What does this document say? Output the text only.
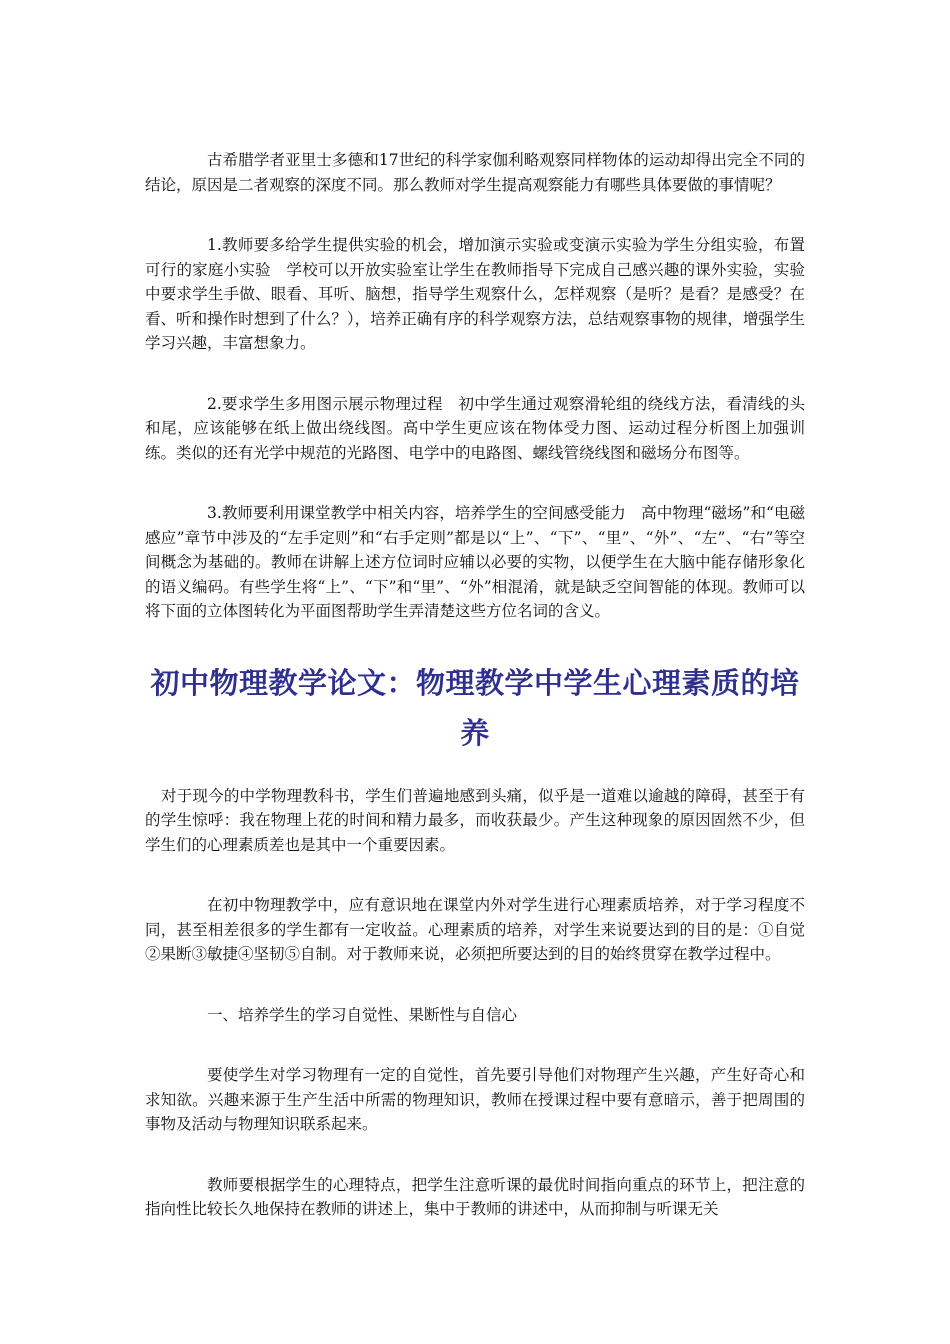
古希腊学者亚里士多德和17世纪的科学家伽利略观察同样物体的运动却得出完全不同的结论，原因是二者观察的深度不同。那么教师对学生提高观察能力有哪些具体要做的事情呢？

1.教师要多给学生提供实验的机会，增加演示实验或变演示实验为学生分组实验，布置可行的家庭小实验　学校可以开放实验室让学生在教师指导下完成自己感兴趣的课外实验，实验中要求学生手做、眼看、耳听、脑想，指导学生观察什么，怎样观察（是听？是看？是感受？在看、听和操作时想到了什么？），培养正确有序的科学观察方法，总结观察事物的规律，增强学生学习兴趣，丰富想象力。

2.要求学生多用图示展示物理过程　初中学生通过观察滑轮组的绕线方法，看清线的头和尾，应该能够在纸上做出绕线图。高中学生更应该在物体受力图、运动过程分析图上加强训练。类似的还有光学中规范的光路图、电学中的电路图、螺线管绕线图和磁场分布图等。

3.教师要利用课堂教学中相关内容，培养学生的空间感受能力　高中物理“磁场”和“电磁感应”章节中涉及的“左手定则”和“右手定则”都是以“上”、“下”、“里”、“外”、“左”、“右”等空间概念为基础的。教师在讲解上述方位词时应辅以必要的实物，以便学生在大脑中能存储形象化的语义编码。有些学生将“上”、“下”和“里”、“外”相混淆，就是缺乏空间智能的体现。教师可以将下面的立体图转化为平面图帮助学生弄清楚这些方位名词的含义。

初中物理教学论文：物理教学中学生心理素质的培养

对于现今的中学物理教科书，学生们普遍地感到头痛，似乎是一道难以逾越的障碍，甚至于有的学生惊呼：我在物理上花的时间和精力最多，而收获最少。产生这种现象的原因固然不少，但学生们的心理素质差也是其中一个重要因素。

在初中物理教学中，应有意识地在课堂内外对学生进行心理素质培养，对于学习程度不同，甚至相差很多的学生都有一定收益。心理素质的培养，对学生来说要达到的目的是：①自觉②果断③敏捷④坚韧⑤自制。对于教师来说，必须把所要达到的目的始终贯穿在教学过程中。

一、培养学生的学习自觉性、果断性与自信心

要使学生对学习物理有一定的自觉性，首先要引导他们对物理产生兴趣，产生好奇心和求知欲。兴趣来源于生产生活中所需的物理知识，教师在授课过程中要有意暗示，善于把周围的事物及活动与物理知识联系起来。

教师要根据学生的心理特点，把学生注意听课的最优时间指向重点的环节上，把注意的指向性比较长久地保持在教师的讲述上，集中于教师的讲述中，从而抑制与听课无关
